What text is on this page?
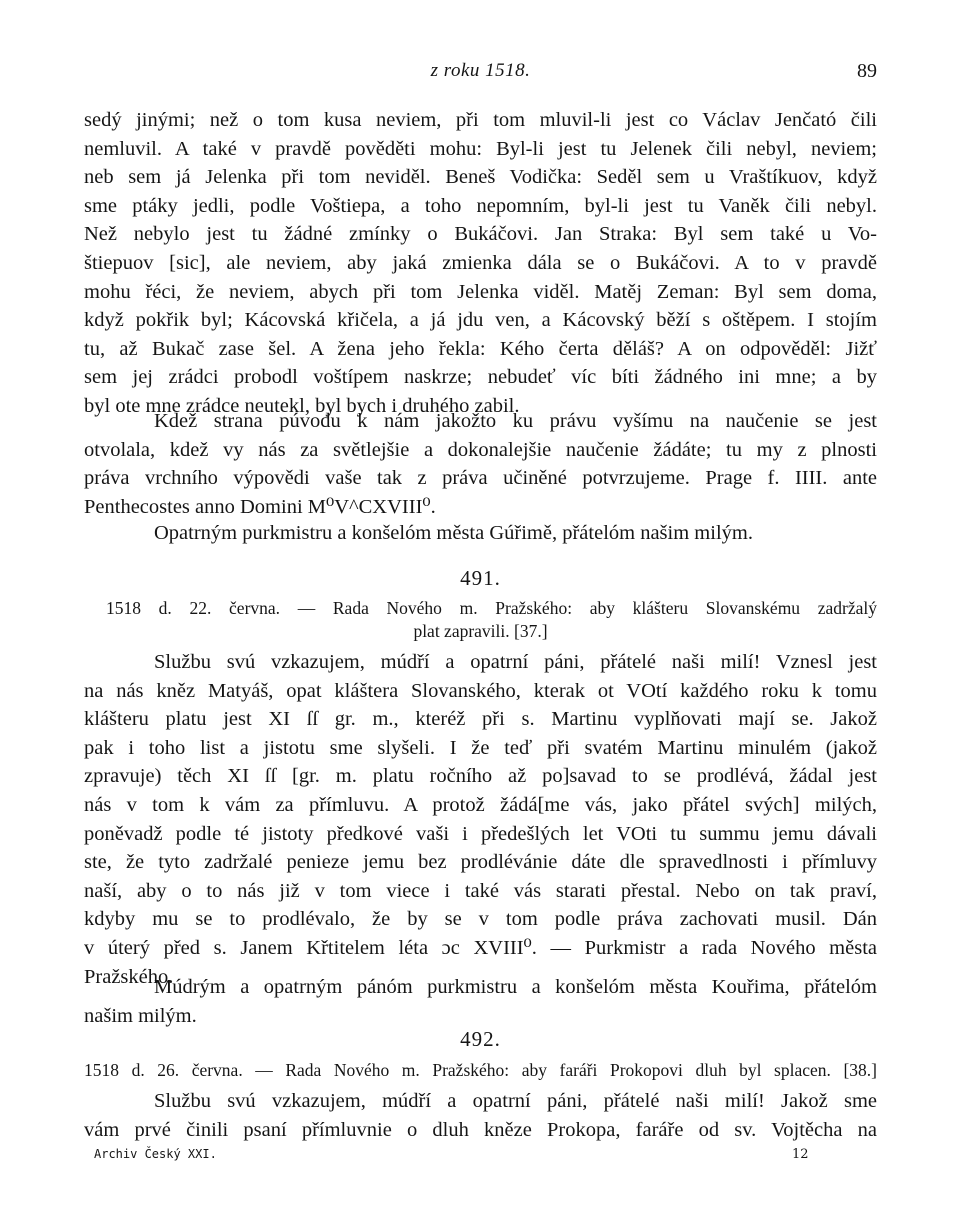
z roku 1518.	89
sedý jinými; než o tom kusa neviem, při tom mluvil-li jest co Václav Jenčató čili
nemluvil. A také v pravdě pověděti mohu: Byl-li jest tu Jelenek čili nebyl, neviem;
neb sem já Jelenka při tom neviděl. Beneš Vodička: Seděl sem u Vraštíkuov, když
sme ptáky jedli, podle Voštiepa, a toho nepomním, byl-li jest tu Vaněk čili nebyl.
Než nebylo jest tu žádné zmínky o Bukáčovi. Jan Straka: Byl sem také u Vo-
štiepuov [sic], ale neviem, aby jaká zmienka dála se o Bukáčovi. A to v pravdě
mohu řéci, že neviem, abych při tom Jelenka viděl. Matěj Zeman: Byl sem doma,
když pokřik byl; Kácovská křičela, a já jdu ven, a Kácovský běží s oštěpem. I stojím
tu, až Bukač zase šel. A žena jeho řekla: Kého čerta děláš? A on odpověděl: Jižť
sem jej zrádci probodl voštípem naskrze; nebudeť víc bíti žádného ini mne; a by
byl ote mne zrádce neutekl, byl bych i druhého zabil.
Kdež strana púvodu k nám jakožto ku právu vyšímu na naučenie se jest
otvolala, kdež vy nás za světlejšie a dokonalejšie naučenie žádáte; tu my z plnosti
práva vrchního výpovědi vaše tak z práva učiněné potvrzujeme. Prage f. IIII. ante
Penthecostes anno Domini M⁰V^CXVIII⁰.
Opatrným purkmistru a konšelóm města Gúřimě, přátelóm našim milým.
491.
1518 d. 22. června. — Rada Nového m. Pražského: aby klášteru Slovanskému zadržalý
plat zapravili. [37.]
Službu svú vzkazujem, múdří a opatrní páni, přátelé naši milí! Vznesl jest
na nás kněz Matyáš, opat kláštera Slovanského, kterak ot VOtí každého roku k tomu
klášteru platu jest XI ſſ gr. m., kteréž při s. Martinu vyplňovati mají se. Jakož
pak i toho list a jistotu sme slyšeli. I že teď při svatém Martinu minulém (jakož
zpravuje) těch XI ſſ [gr. m. platu ročního až po]savad to se prodlévá, žádal jest
nás v tom k vám za přímluvu. A protož žádá[me vás, jako přátel svých] milých,
poněvadž podle té jistoty předkové vaši i předešlých let VOti tu summu jemu dávali
ste, že tyto zadržalé penieze jemu bez prodlévánie dáte dle spravedlnosti i přímluvy
naší, aby o to nás již v tom viece i také vás starati přestal. Nebo on tak praví,
kdyby mu se to prodlévalo, že by se v tom podle práva zachovati musil. Dán
v úterý před s. Janem Křtitelem léta ɔc XVIII⁰. — Purkmistr a rada Nového města
Pražského.
Múdrým a opatrným pánóm purkmistru a konšelóm města Kouřima, přátelóm
našim milým.
492.
1518 d. 26. června. — Rada Nového m. Pražského: aby faráři Prokopovi dluh byl splacen. [38.]
Službu svú vzkazujem, múdří a opatrní páni, přátelé naši milí! Jakož sme
vám prvé činili psaní přímluvnie o dluh kněze Prokopa, faráře od sv. Vojtěcha na
Archiv Český XXI.	12
